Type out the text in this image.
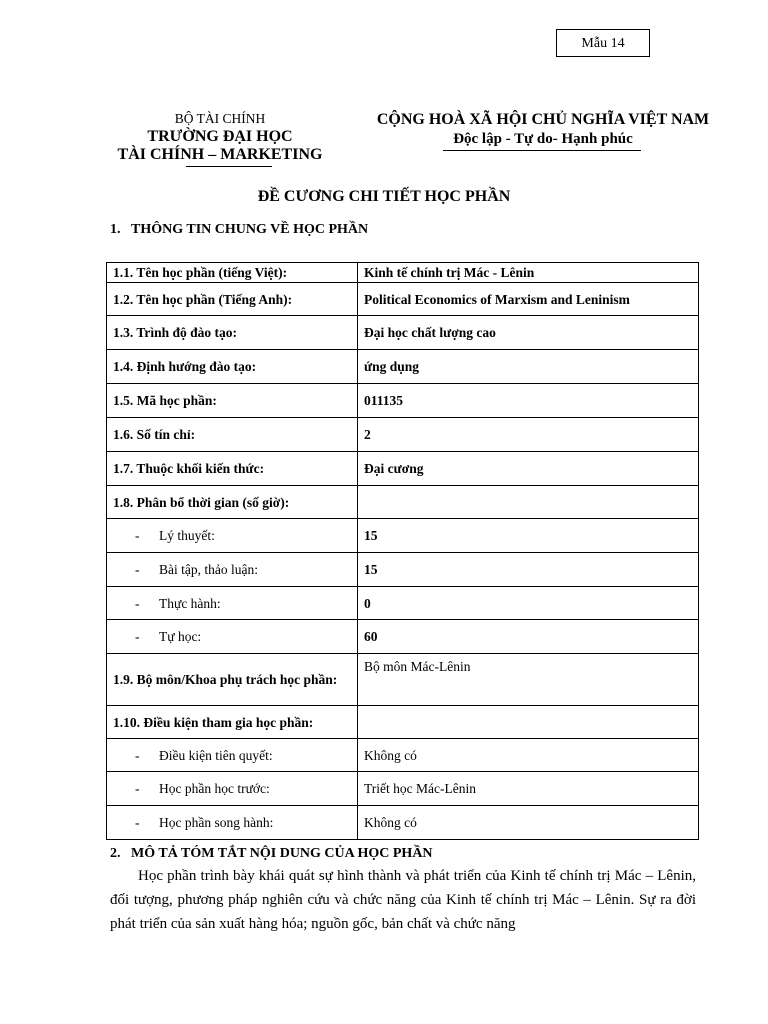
Mẫu 14
BỘ TÀI CHÍNH
TRƯỜNG ĐẠI HỌC
TÀI CHÍNH – MARKETING
CỘNG HOÀ XÃ HỘI CHỦ NGHĨA VIỆT NAM
Độc lập - Tự do- Hạnh phúc
ĐỀ CƯƠNG CHI TIẾT HỌC PHẦN
1. THÔNG TIN CHUNG VỀ HỌC PHẦN
1.1. Tên học phần (tiếng Việt):	Kinh tế chính trị Mác - Lênin
1.2. Tên học phần (Tiếng Anh):	Political Economics of Marxism and Leninism
1.3. Trình độ đào tạo:	Đại học chất lượng cao
1.4. Định hướng đào tạo:	ứng dụng
1.5. Mã học phần:	011135
1.6. Số tín chỉ:	2
1.7. Thuộc khối kiến thức:	Đại cương
1.8. Phân bổ thời gian (số giờ):	
- Lý thuyết:	15
- Bài tập, thảo luận:	15
- Thực hành:	0
- Tự học:	60
1.9. Bộ môn/Khoa phụ trách học phần:	Bộ môn Mác-Lênin
1.10. Điều kiện tham gia học phần:	
- Điều kiện tiên quyết:	Không có
- Học phần học trước:	Triết học Mác-Lênin
- Học phần song hành:	Không có
2. MÔ TẢ TÓM TẮT NỘI DUNG CỦA HỌC PHẦN
Học phần trình bày khái quát sự hình thành và phát triển của Kinh tế chính trị Mác – Lênin, đối tượng, phương pháp nghiên cứu và chức năng của Kinh tế chính trị Mác – Lênin. Sự ra đời phát triển của sản xuất hàng hóa; nguồn gốc, bản chất và chức năng
